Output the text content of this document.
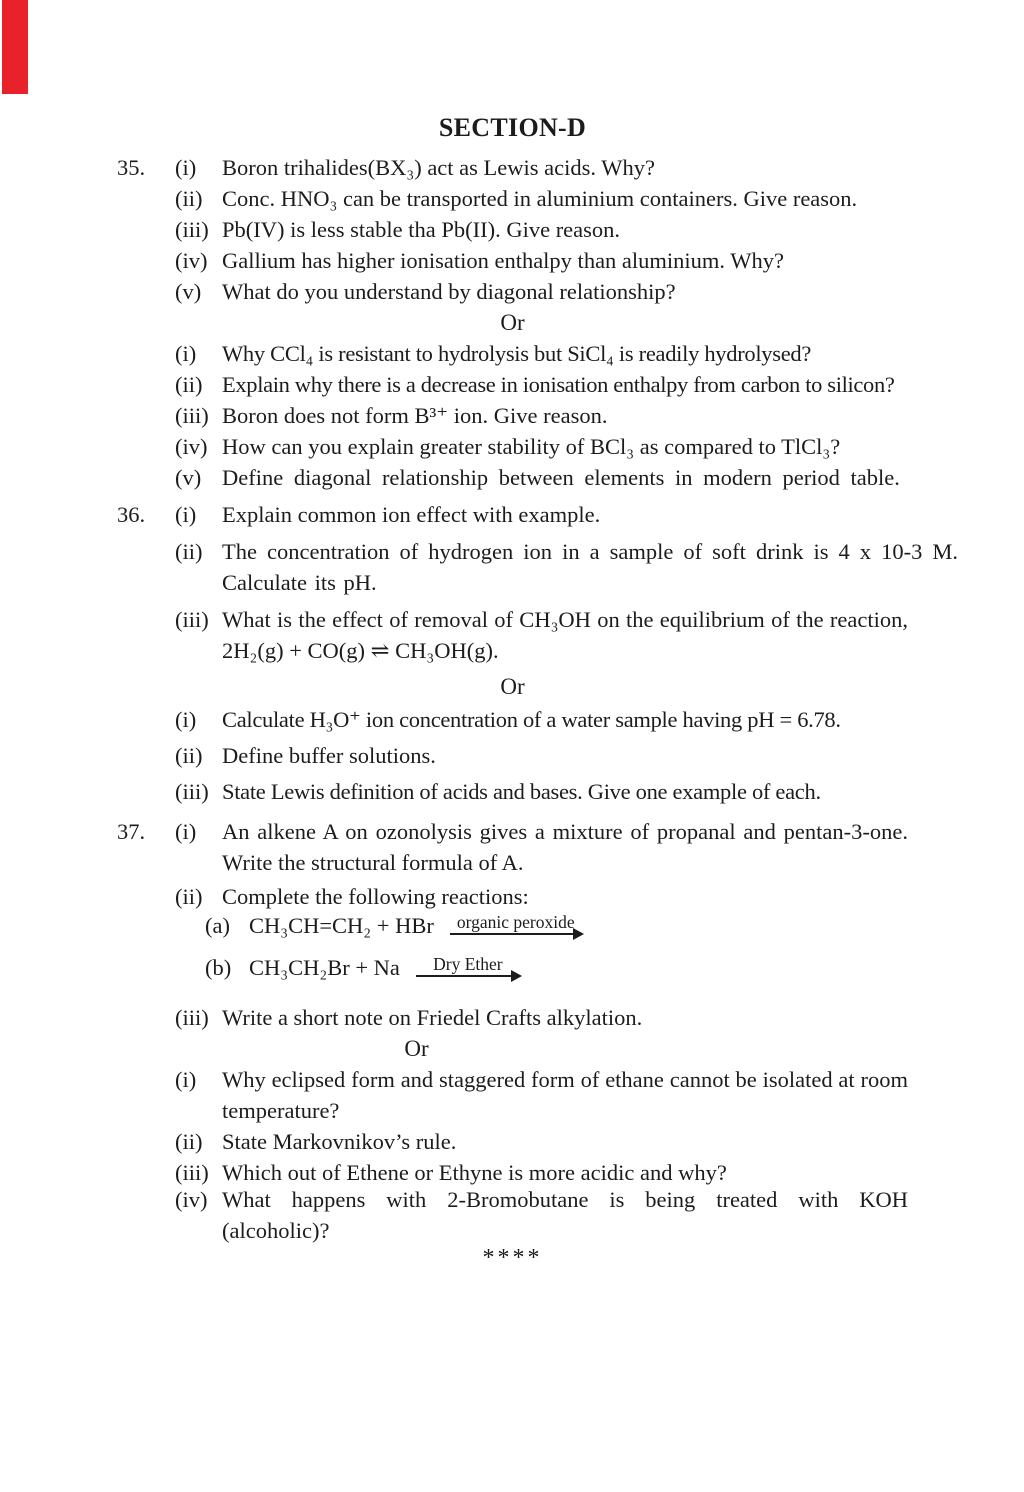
SECTION-D
35.	(i)	Boron trihalides(BX₃) act as Lewis acids. Why?
(ii) Conc. HNO₃ can be transported in aluminium containers. Give reason.
(iii) Pb(IV) is less stable tha Pb(II). Give reason.
(iv) Gallium has higher ionisation enthalpy than aluminium. Why?
(v) What do you understand by diagonal relationship?
Or
(i)	Why CCl₄ is resistant to hydrolysis but SiCl₄ is readily hydrolysed?
(ii) Explain why there is a decrease in ionisation enthalpy from carbon to silicon?
(iii) Boron does not form B³⁺ ion. Give reason.
(iv) How can you explain greater stability of BCl₃ as compared to TlCl₃?
(v) Define diagonal relationship between elements in modern period table.
36.	(i)	Explain common ion effect with example.
(ii) The concentration of hydrogen ion in a sample of soft drink is 4 x 10-3 M. Calculate its pH.
(iii) What is the effect of removal of CH₃OH on the equilibrium of the reaction, 2H₂(g) + CO(g) ⇌ CH₃OH(g).
Or
(i)	Calculate H₃O⁺ ion concentration of a water sample having pH = 6.78.
(ii) Define buffer solutions.
(iii) State Lewis definition of acids and bases. Give one example of each.
37.	(i)	An alkene A on ozonolysis gives a mixture of propanal and pentan-3-one. Write the structural formula of A.
(ii) Complete the following reactions:
(a) CH₃CH=CH₂ + HBr	organic peroxide
(b) CH₃CH₂Br + Na	Dry Ether
(iii) Write a short note on Friedel Crafts alkylation.
Or
(i)	Why eclipsed form and staggered form of ethane cannot be isolated at room temperature?
(ii) State Markovnikov’s rule.
(iii) Which out of Ethene or Ethyne is more acidic and why?
(iv) What happens with 2-Bromobutane is being treated with KOH (alcoholic)?
****
